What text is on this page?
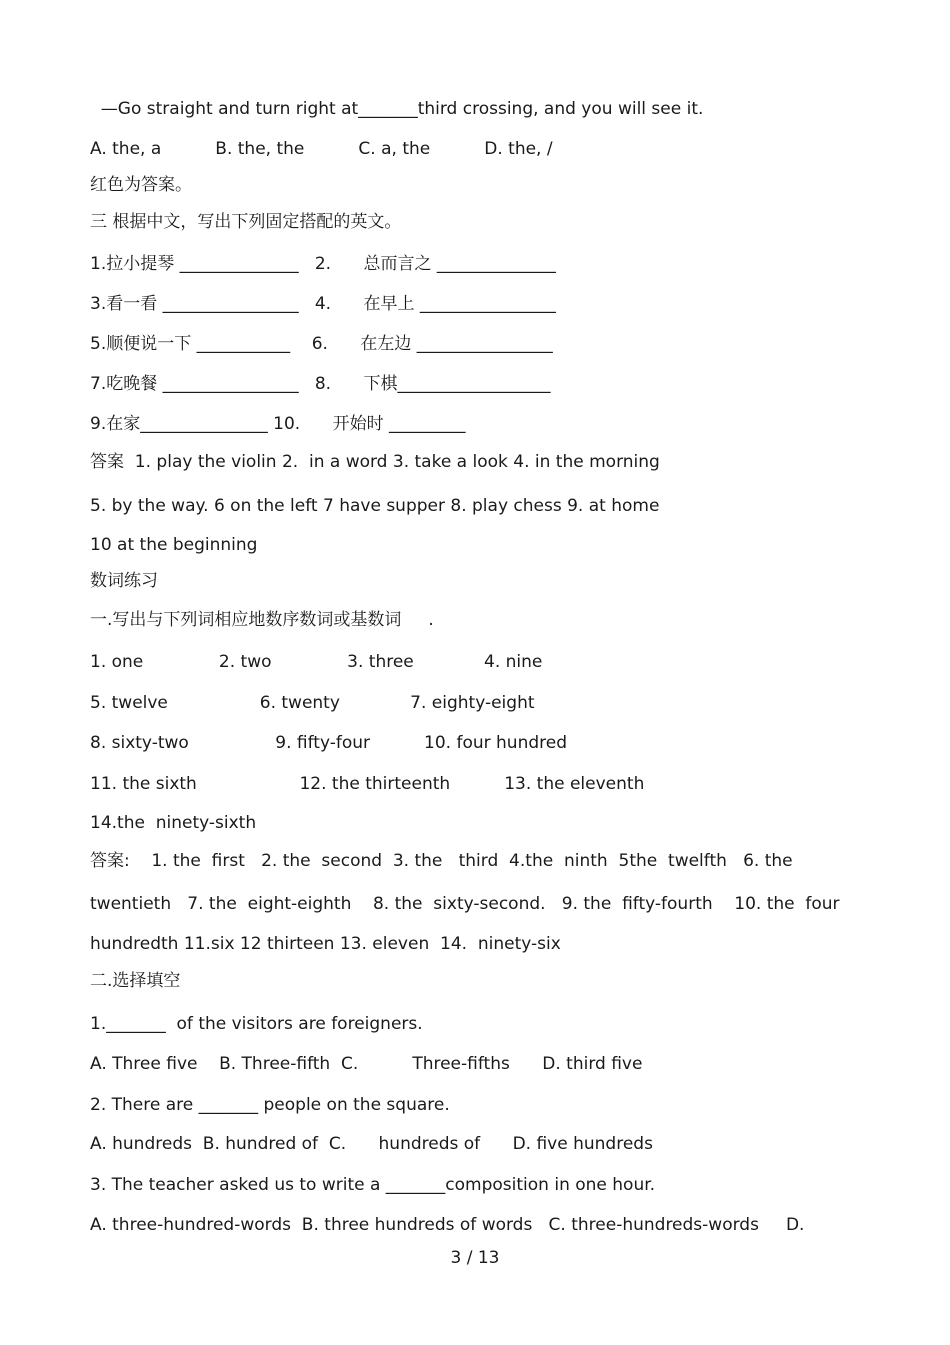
—Go straight and turn right at_______third crossing, and you will see it.
A. the, a          B. the, the          C. a, the          D. the, /
红色为答案。
三 根据中文，写出下列固定搭配的英文。
1.拉小提琴 ______________   2.      总而言之 ______________
3.看一看 ________________   4.      在早上 ________________
5.顺便说一下 ___________    6.      在左边 ________________
7.吃晚餐 ________________   8.      下棋__________________
9.在家_______________ 10.      开始时 _________
答案  1. play the violin 2.  in a word 3. take a look 4. in the morning
5. by the way. 6 on the left 7 have supper 8. play chess 9. at home
10 at the beginning
数词练习
一.写出与下列词相应地数序数词或基数词     .
1. one              2. two              3. three             4. nine
5. twelve                 6. twenty             7. eighty-eight
8. sixty-two                9. fifty-four          10. four hundred
11. the sixth                   12. the thirteenth          13. the eleventh
14.the  ninety-sixth
答案:    1. the  first   2. the  second  3. the   third  4.the  ninth  5the  twelfth   6. the
twentieth   7. the  eight-eighth    8. the  sixty-second.   9. the  fifty-fourth    10. the  four
hundredth 11.six 12 thirteen 13. eleven  14.  ninety-six
二.选择填空
1._______  of the visitors are foreigners.
A. Three five    B. Three-fifth  C.          Three-fifths      D. third five
2. There are _______ people on the square.
A. hundreds  B. hundred of  C.      hundreds of      D. five hundreds
3. The teacher asked us to write a _______composition in one hour.
A. three-hundred-words  B. three hundreds of words   C. three-hundreds-words     D.
3 / 13
